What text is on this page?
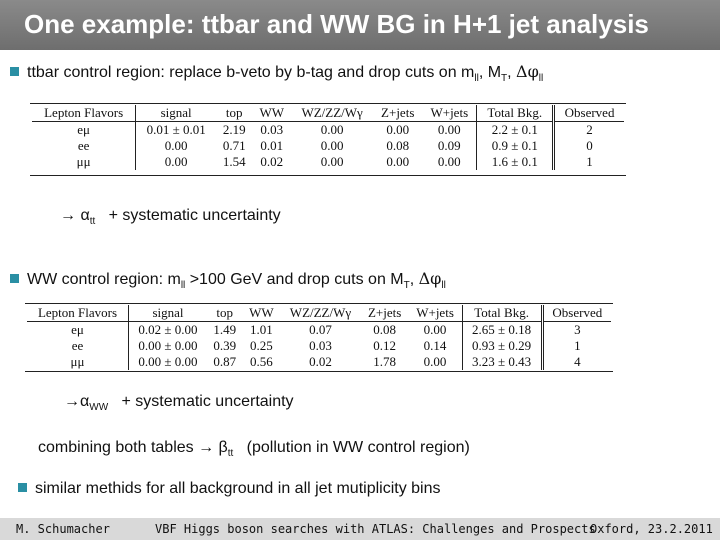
One example: ttbar and WW BG in H+1 jet analysis
ttbar control region: replace b-veto by b-tag and drop cuts on $m_{ll}$, $M_T$, $\Delta\varphi_{ll}$
Lepton Flavors	signal	top	WW	WZ/ZZ/Wγ	Z+jets	W+jets	Total Bkg.	Observed
eμ	0.01 ± 0.01	2.19	0.03	0.00	0.00	0.00	2.2 ± 0.1	2
ee	0.00	0.71	0.01	0.00	0.08	0.09	0.9 ± 0.1	0
μμ	0.00	1.54	0.02	0.00	0.00	0.00	1.6 ± 0.1	1
→ $\alpha_{tt}$ + systematic uncertainty
WW control region: $m_{ll} >100$ GeV and drop cuts on $M_T$, $\Delta\varphi_{ll}$
Lepton Flavors	signal	top	WW	WZ/ZZ/Wγ	Z+jets	W+jets	Total Bkg.	Observed
eμ	0.02 ± 0.00	1.49	1.01	0.07	0.08	0.00	2.65 ± 0.18	3
ee	0.00 ± 0.00	0.39	0.25	0.03	0.12	0.14	0.93 ± 0.29	1
μμ	0.00 ± 0.00	0.87	0.56	0.02	1.78	0.00	3.23 ± 0.43	4
$\to\alpha_{WW}$ + systematic uncertainty
combining both tables → $\beta_{tt}$ (pollution in WW control region)
similar methids for all background in all jet mutiplicity bins
M. Schumacher	VBF Higgs boson searches with ATLAS: Challenges and Prospects
Oxford, 23.2.2011
